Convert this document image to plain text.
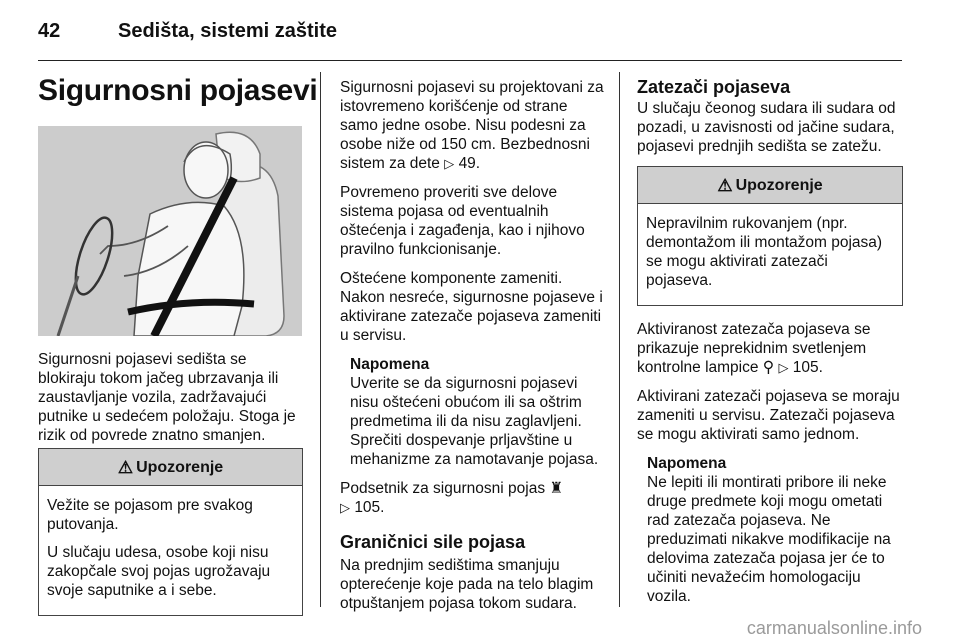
42	Sedišta, sistemi zaštite
Sigurnosni pojasevi

Sigurnosni pojasevi sedišta se blokiraju tokom jačeg ubrzavanja ili zaustavljanje vozila, zadržavajući putnike u sedećem položaju. Stoga je rizik od povrede znatno smanjen.

⚠ Upozorenje

Vežite se pojasom pre svakog putovanja.

U slučaju udesa, osobe koji nisu zakopčale svoj pojas ugrožavaju svoje saputnike a i sebe.

Sigurnosni pojasevi su projektovani za istovremeno korišćenje od strane samo jedne osobe. Nisu podesni za osobe niže od 150 cm. Bezbednosni sistem za dete ▷ 49.

Povremeno proveriti sve delove sistema pojasa od eventualnih oštećenja i zagađenja, kao i njihovo pravilno funkcionisanje.

Oštećene komponente zameniti. Nakon nesreće, sigurnosne pojaseve i aktivirane zatezače pojaseva zameniti u servisu.

Napomena
Uverite se da sigurnosni pojasevi nisu oštećeni obućom ili sa oštrim predmetima ili da nisu zaglavljeni. Sprečiti dospevanje prljavštine u mehanizme za namotavanje pojasa.

Podsetnik za sigurnosni pojas ♜
▷ 105.

Graničnici sile pojasa

Na prednjim sedištima smanjuju opterećenje koje pada na telo blagim otpuštanjem pojasa tokom sudara.

Zatezači pojaseva

U slučaju čeonog sudara ili sudara od pozadi, u zavisnosti od jačine sudara, pojasevi prednjih sedišta se zatežu.

⚠ Upozorenje

Nepravilnim rukovanjem (npr. demontažom ili montažom pojasa) se mogu aktivirati zatezači pojaseva.

Aktiviranost zatezača pojaseva se prikazuje neprekidnim svetlenjem kontrolne lampice ⚲ ▷ 105.

Aktivirani zatezači pojaseva se moraju zameniti u servisu. Zatezači pojaseva se mogu aktivirati samo jednom.

Napomena
Ne lepiti ili montirati pribore ili neke druge predmete koji mogu ometati rad zatezača pojaseva. Ne preduzimati nikakve modifikacije na delovima zatezača pojasa jer će to učiniti nevažećim homologaciju vozila.
carmanualsonline.info
